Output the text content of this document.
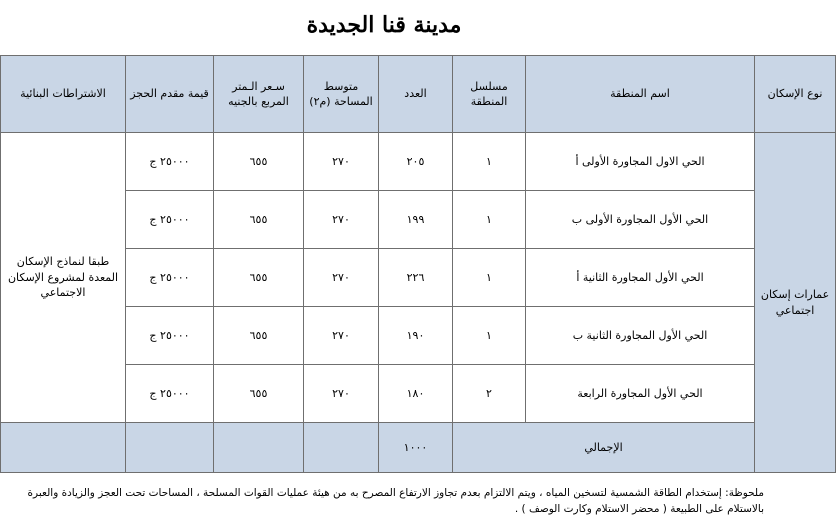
مدينة قنا الجديدة
نوع الإسكان	اسم المنطقة	مسلسل المنطقة	العدد	متوسط المساحة (م٢)	سـعر الـمتر المربع بالجنيه	قيمة مقدم الحجز	الاشتراطات البنائية
عمارات إسكان اجتماعي	الحي الاول المجاورة الأولى أ	١	٢٠٥	٢٧٠	٦٥٥	٢٥٠٠٠ ج	طبقا لنماذج الإسكان المعدة لمشروع الإسكان الاجتماعي
	الحي الأول المجاورة الأولى ب	١	١٩٩	٢٧٠	٦٥٥	٢٥٠٠٠ ج	
	الحي الأول المجاورة الثانية أ	١	٢٢٦	٢٧٠	٦٥٥	٢٥٠٠٠ ج	
	الحي الأول المجاورة الثانية ب	١	١٩٠	٢٧٠	٦٥٥	٢٥٠٠٠ ج	
	الحي الأول المجاورة الرابعة	٢	١٨٠	٢٧٠	٦٥٥	٢٥٠٠٠ ج	
	الإجمالي		١٠٠٠				
ملحوظة: إستخدام الطاقة الشمسية لتسخين المياه ، ويتم الالتزام بعدم تجاوز الارتفاع المصرح به من هيئة عمليات القوات المسلحة ، المساحات تحت العجز والزيادة والعبرة بالاستلام على الطبيعة ( محضر الاستلام وكارت الوصف ) .
